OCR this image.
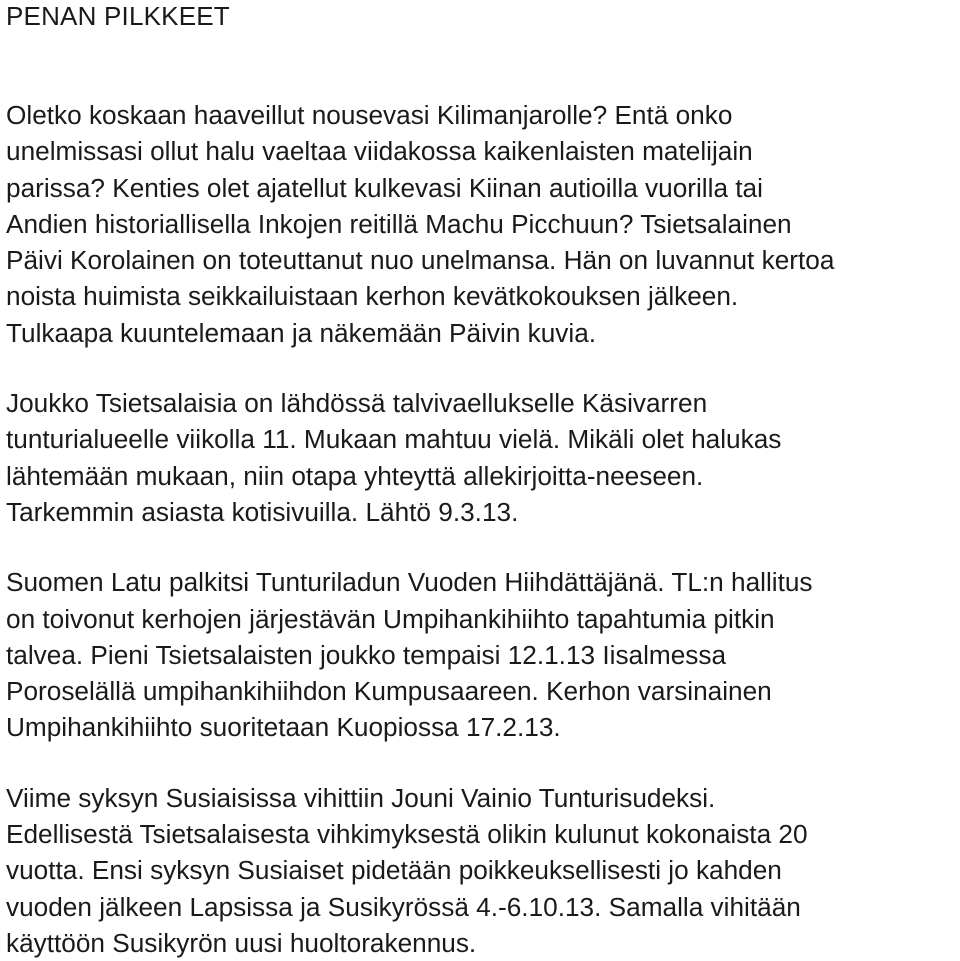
PENAN PILKKEET

Oletko koskaan haaveillut nousevasi Kilimanjarolle? Entä onko
unelmissasi ollut halu vaeltaa viidakossa kaikenlaisten matelijain
parissa? Kenties olet ajatellut kulkevasi Kiinan autioilla vuorilla tai
Andien historiallisella Inkojen reitillä Machu Picchuun? Tsietsalainen
Päivi Korolainen on toteuttanut nuo unelmansa. Hän on luvannut kertoa
noista huimista seikkailuistaan kerhon kevätkokouksen jälkeen.
Tulkaapa kuuntelemaan ja näkemään Päivin kuvia.

Joukko Tsietsalaisia on lähdössä talvivaellukselle Käsivarren
tunturialueelle viikolla 11. Mukaan mahtuu vielä. Mikäli olet halukas
lähtemään mukaan, niin otapa yhteyttä allekirjoitta-neeseen.
Tarkemmin asiasta kotisivuilla. Lähtö 9.3.13.

Suomen Latu palkitsi Tunturiladun Vuoden Hiihdättäjänä. TL:n hallitus
on toivonut kerhojen järjestävän Umpihankihiihto tapahtumia pitkin
talvea. Pieni Tsietsalaisten joukko tempaisi 12.1.13 Iisalmessa
Poroselällä umpihankihiihdon Kumpusaareen. Kerhon varsinainen
Umpihankihiihto suoritetaan Kuopiossa 17.2.13.

Viime syksyn Susiaisissa vihittiin Jouni Vainio Tunturisudeksi.
Edellisestä Tsietsalaisesta vihkimyksestä olikin kulunut kokonaista 20
vuotta. Ensi syksyn Susiaiset pidetään poikkeuksellisesti jo kahden
vuoden jälkeen Lapsissa ja Susikyrössä 4.-6.10.13. Samalla vihitään
käyttöön Susikyrön uusi huoltorakennus.
